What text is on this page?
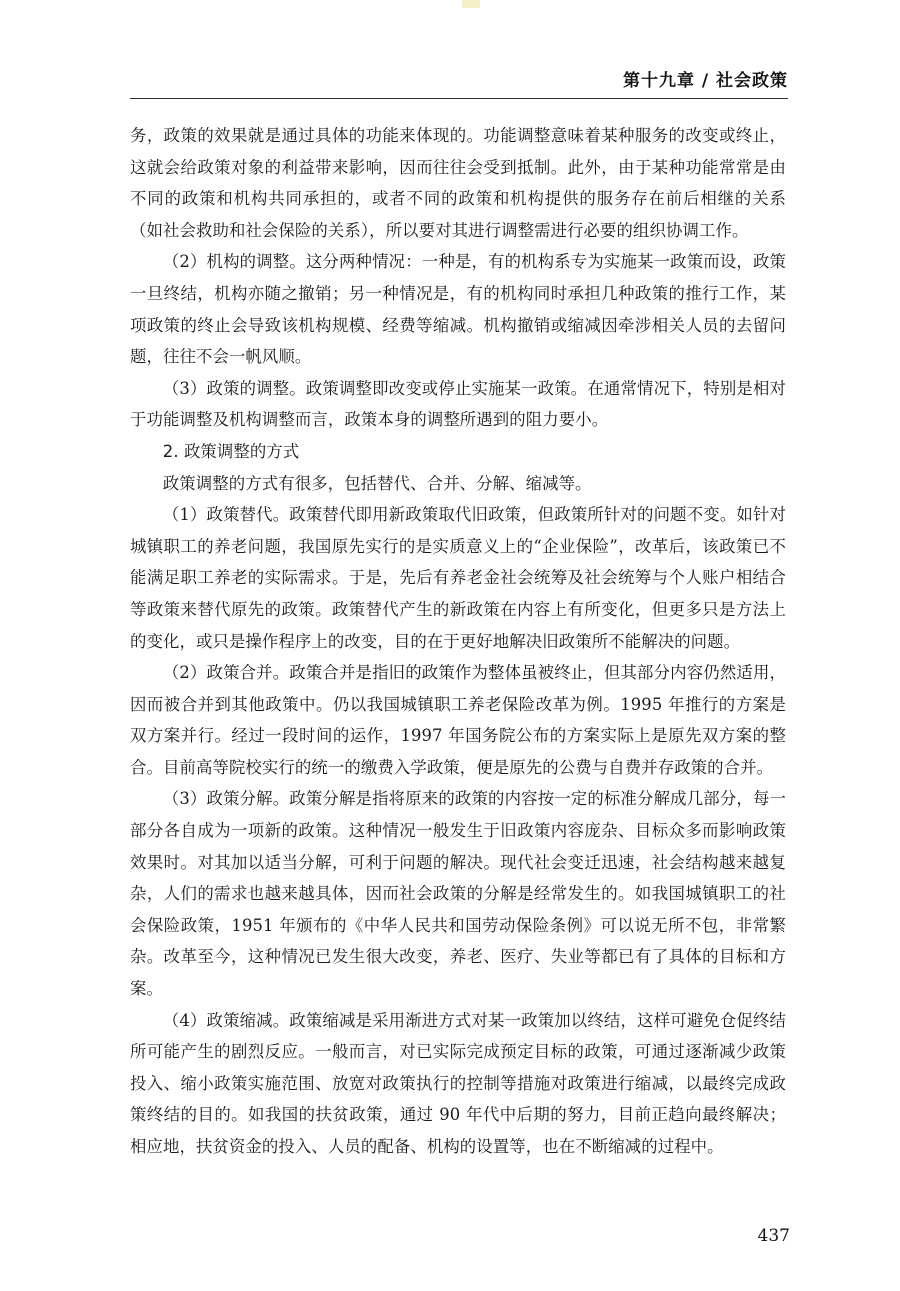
第十九章 / 社会政策

务，政策的效果就是通过具体的功能来体现的。功能调整意味着某种服务的改变或终止，这就会给政策对象的利益带来影响，因而往往会受到抵制。此外，由于某种功能常常是由不同的政策和机构共同承担的，或者不同的政策和机构提供的服务存在前后相继的关系（如社会救助和社会保险的关系），所以要对其进行调整需进行必要的组织协调工作。

（2）机构的调整。这分两种情况：一种是，有的机构系专为实施某一政策而设，政策一旦终结，机构亦随之撤销；另一种情况是，有的机构同时承担几种政策的推行工作，某项政策的终止会导致该机构规模、经费等缩减。机构撤销或缩减因牵涉相关人员的去留问题，往往不会一帆风顺。

（3）政策的调整。政策调整即改变或停止实施某一政策。在通常情况下，特别是相对于功能调整及机构调整而言，政策本身的调整所遇到的阻力要小。

2. 政策调整的方式

政策调整的方式有很多，包括替代、合并、分解、缩减等。

（1）政策替代。政策替代即用新政策取代旧政策，但政策所针对的问题不变。如针对城镇职工的养老问题，我国原先实行的是实质意义上的“企业保险”，改革后，该政策已不能满足职工养老的实际需求。于是，先后有养老金社会统筹及社会统筹与个人账户相结合等政策来替代原先的政策。政策替代产生的新政策在内容上有所变化，但更多只是方法上的变化，或只是操作程序上的改变，目的在于更好地解决旧政策所不能解决的问题。

（2）政策合并。政策合并是指旧的政策作为整体虽被终止，但其部分内容仍然适用，因而被合并到其他政策中。仍以我国城镇职工养老保险改革为例。1995 年推行的方案是双方案并行。经过一段时间的运作，1997 年国务院公布的方案实际上是原先双方案的整合。目前高等院校实行的统一的缴费入学政策，便是原先的公费与自费并存政策的合并。

（3）政策分解。政策分解是指将原来的政策的内容按一定的标准分解成几部分，每一部分各自成为一项新的政策。这种情况一般发生于旧政策内容庞杂、目标众多而影响政策效果时。对其加以适当分解，可利于问题的解决。现代社会变迁迅速，社会结构越来越复杂，人们的需求也越来越具体，因而社会政策的分解是经常发生的。如我国城镇职工的社会保险政策，1951 年颁布的《中华人民共和国劳动保险条例》可以说无所不包，非常繁杂。改革至今，这种情况已发生很大改变，养老、医疗、失业等都已有了具体的目标和方案。

（4）政策缩减。政策缩减是采用渐进方式对某一政策加以终结，这样可避免仓促终结所可能产生的剧烈反应。一般而言，对已实际完成预定目标的政策，可通过逐渐减少政策投入、缩小政策实施范围、放宽对政策执行的控制等措施对政策进行缩减，以最终完成政策终结的目的。如我国的扶贫政策，通过 90 年代中后期的努力，目前正趋向最终解决；相应地，扶贫资金的投入、人员的配备、机构的设置等，也在不断缩减的过程中。

437
